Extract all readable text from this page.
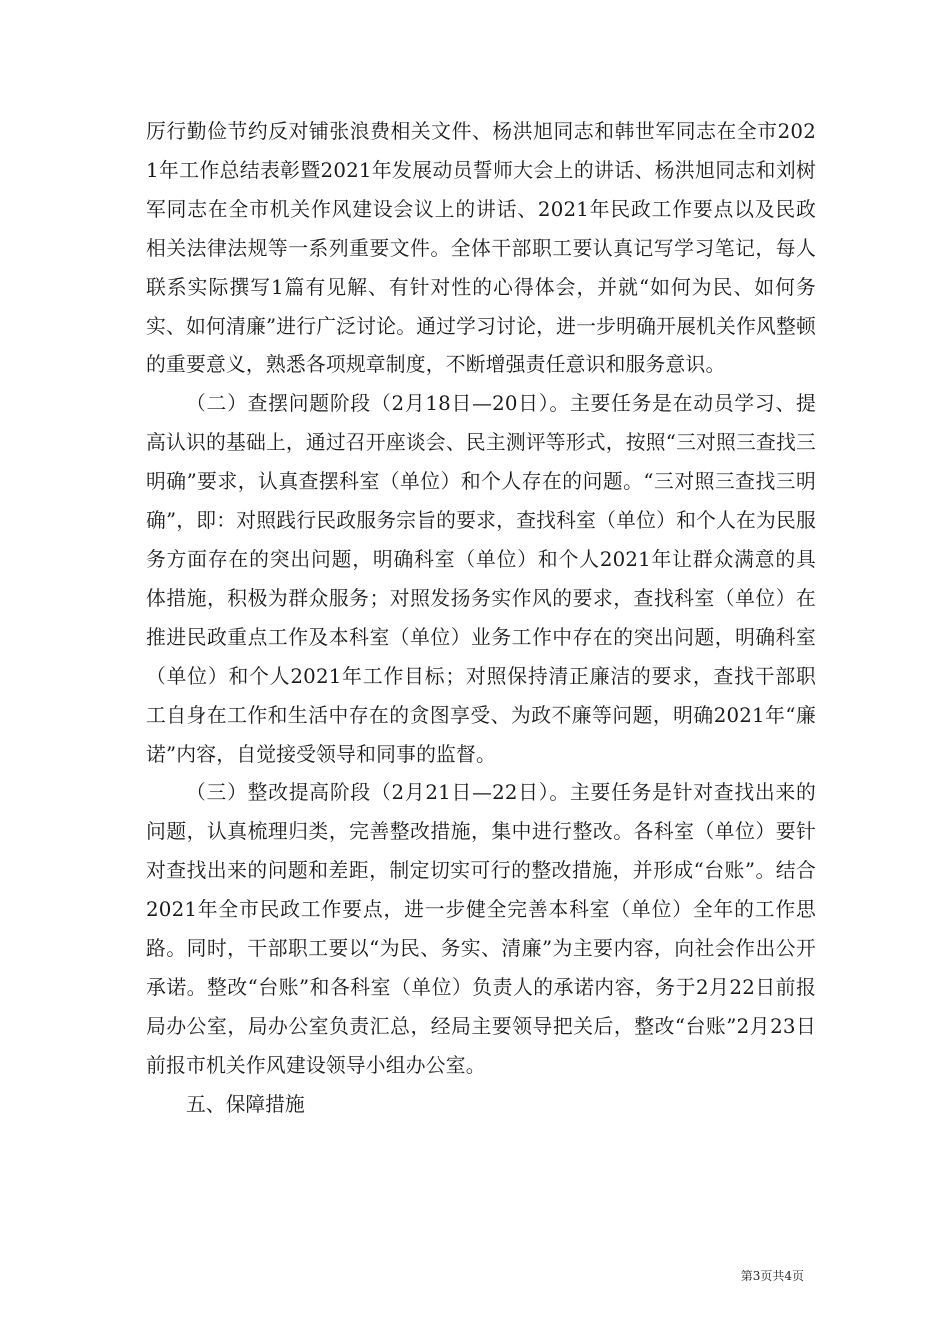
厉行勤俭节约反对铺张浪费相关文件、杨洪旭同志和韩世军同志在全市2021年工作总结表彰暨2021年发展动员誓师大会上的讲话、杨洪旭同志和刘树军同志在全市机关作风建设会议上的讲话、2021年民政工作要点以及民政相关法律法规等一系列重要文件。全体干部职工要认真记写学习笔记，每人联系实际撰写1篇有见解、有针对性的心得体会，并就“如何为民、如何务实、如何清廉”进行广泛讨论。通过学习讨论，进一步明确开展机关作风整顿的重要意义，熟悉各项规章制度，不断增强责任意识和服务意识。

（二）查摆问题阶段（2月18日—20日）。主要任务是在动员学习、提高认识的基础上，通过召开座谈会、民主测评等形式，按照“三对照三查找三明确”要求，认真查摆科室（单位）和个人存在的问题。“三对照三查找三明确”，即：对照践行民政服务宗旨的要求，查找科室（单位）和个人在为民服务方面存在的突出问题，明确科室（单位）和个人2021年让群众满意的具体措施，积极为群众服务；对照发扬务实作风的要求，查找科室（单位）在推进民政重点工作及本科室（单位）业务工作中存在的突出问题，明确科室（单位）和个人2021年工作目标；对照保持清正廉洁的要求，查找干部职工自身在工作和生活中存在的贪图享受、为政不廉等问题，明确2021年“廉诺”内容，自觉接受领导和同事的监督。

（三）整改提高阶段（2月21日—22日）。主要任务是针对查找出来的问题，认真梳理归类，完善整改措施，集中进行整改。各科室（单位）要针对查找出来的问题和差距，制定切实可行的整改措施，并形成“台账”。结合2021年全市民政工作要点，进一步健全完善本科室（单位）全年的工作思路。同时，干部职工要以“为民、务实、清廉”为主要内容，向社会作出公开承诺。整改“台账”和各科室（单位）负责人的承诺内容，务于2月22日前报局办公室，局办公室负责汇总，经局主要领导把关后，整改“台账”2月23日前报市机关作风建设领导小组办公室。

五、保障措施

第3页共4页
